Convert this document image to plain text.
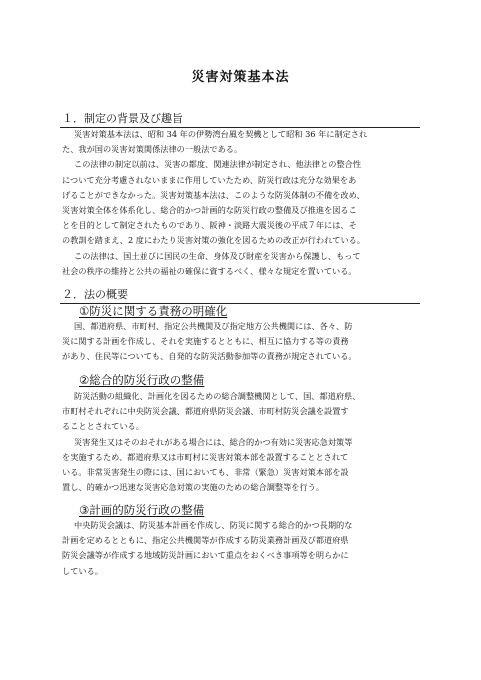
災害対策基本法
１．制定の背景及び趣旨
災害対策基本法は、昭和 34 年の伊勢湾台風を契機として昭和 36 年に制定され
た、我が国の災害対策関係法律の一般法である。
この法律の制定以前は、災害の都度、関連法律が制定され、他法律との整合性
について充分考慮されないままに作用していたため、防災行政は充分な効果をあ
げることができなかった。災害対策基本法は、このような防災体制の不備を改め、
災害対策全体を体系化し、総合的かつ計画的な防災行政の整備及び推進を図るこ
とを目的として制定されたものであり、阪神・淡路大震災後の平成７年には、そ
の教訓を踏まえ、2 度にわたり災害対策の強化を図るための改正が行われている。
この法律は、国土並びに国民の生命、身体及び財産を災害から保護し、もって
社会の秩序の維持と公共の福祉の確保に資するべく、様々な規定を置いている。
２．法の概要
①防災に関する責務の明確化
国、都道府県、市町村、指定公共機関及び指定地方公共機関には、各々、防
災に関する計画を作成し、それを実施するとともに、相互に協力する等の責務
があり、住民等についても、自発的な防災活動参加等の責務が規定されている。
②総合的防災行政の整備
防災活動の組織化、計画化を図るための総合調整機関として、国、都道府県、
市町村それぞれに中央防災会議、都道府県防災会議、市町村防災会議を設置す
ることとされている。
災害発生又はそのおそれがある場合には、総合的かつ有効に災害応急対策等
を実施するため、都道府県又は市町村に災害対策本部を設置することとされて
いる。非常災害発生の際には、国においても、非常（緊急）災害対策本部を設
置し、的確かつ迅速な災害応急対策の実施のための総合調整等を行う。
③計画的防災行政の整備
中央防災会議は、防災基本計画を作成し、防災に関する総合的かつ長期的な
計画を定めるとともに、指定公共機関等が作成する防災業務計画及び都道府県
防災会議等が作成する地域防災計画において重点をおくべき事項等を明らかに
している。
